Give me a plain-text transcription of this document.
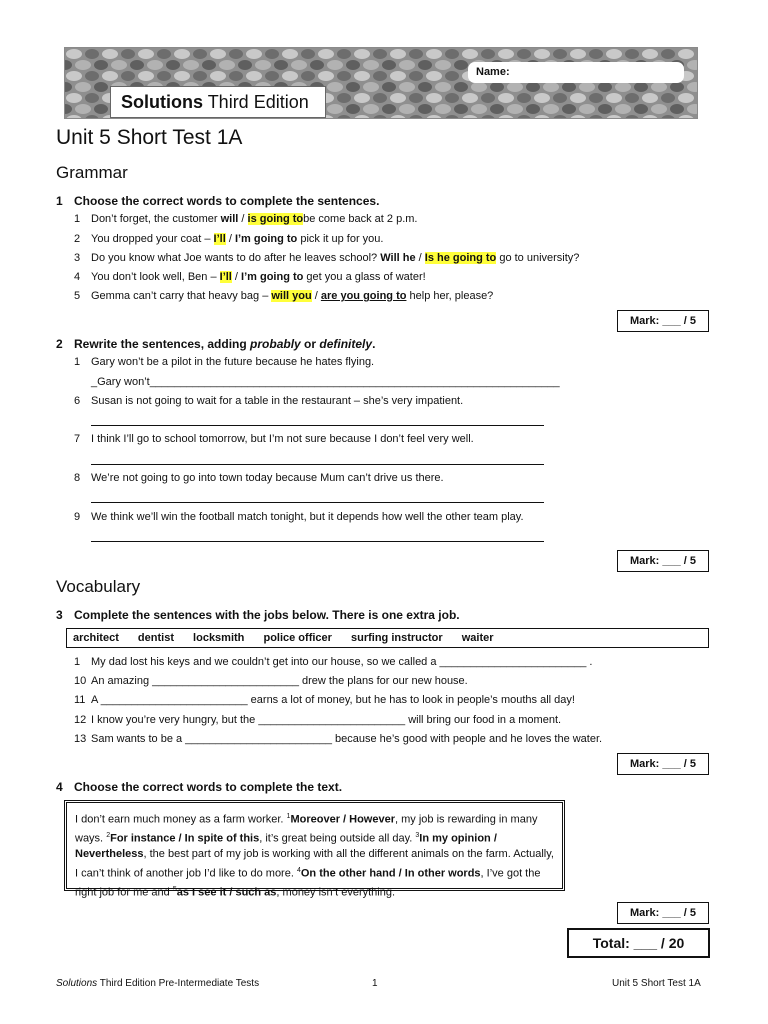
Solutions Third Edition
Name:
Unit 5 Short Test 1A
Grammar
1 Choose the correct words to complete the sentences.
1 Don’t forget, the customer will / is going tobe come back at 2 p.m.
2 You dropped your coat – I’ll / I’m going to pick it up for you.
3 Do you know what Joe wants to do after he leaves school? Will he / Is he going to go to university?
4 You don’t look well, Ben – I’ll / I’m going to get you a glass of water!
5 Gemma can’t carry that heavy bag – will you / are you going to help her, please?
Mark: ___ / 5
2 Rewrite the sentences, adding probably or definitely.
1 Gary won’t be a pilot in the future because he hates flying.
_Gary won’t___________________________________________________________________
6 Susan is not going to wait for a table in the restaurant – she’s very impatient.
7 I think I’ll go to school tomorrow, but I’m not sure because I don’t feel very well.
8 We’re not going to go into town today because Mum can’t drive us there.
9 We think we’ll win the football match tonight, but it depends how well the other team play.
Mark: ___ / 5
Vocabulary
3 Complete the sentences with the jobs below. There is one extra job.
architect dentist locksmith police officer surfing instructor waiter
1 My dad lost his keys and we couldn’t get into our house, so we called a ________________________ .
10 An amazing ________________________ drew the plans for our new house.
11 A ________________________ earns a lot of money, but he has to look in people’s mouths all day!
12 I know you’re very hungry, but the ________________________ will bring our food in a moment.
13 Sam wants to be a ________________________ because he’s good with people and he loves the water.
Mark: ___ / 5
4 Choose the correct words to complete the text.
I don’t earn much money as a farm worker. $^1$Moreover / However, my job is rewarding in many ways. $^2$For instance / In spite of this, it’s great being outside all day. $^3$In my opinion / Nevertheless, the best part of my job is working with all the different animals on the farm. Actually, I can’t think of another job I’d like to do more. $^4$On the other hand / In other words, I’ve got the right job for me and $^5$as I see it / such as, money isn’t everything.
Mark: ___ / 5
Total: ___ / 20
Solutions Third Edition Pre-Intermediate Tests	1	Unit 5 Short Test 1A
